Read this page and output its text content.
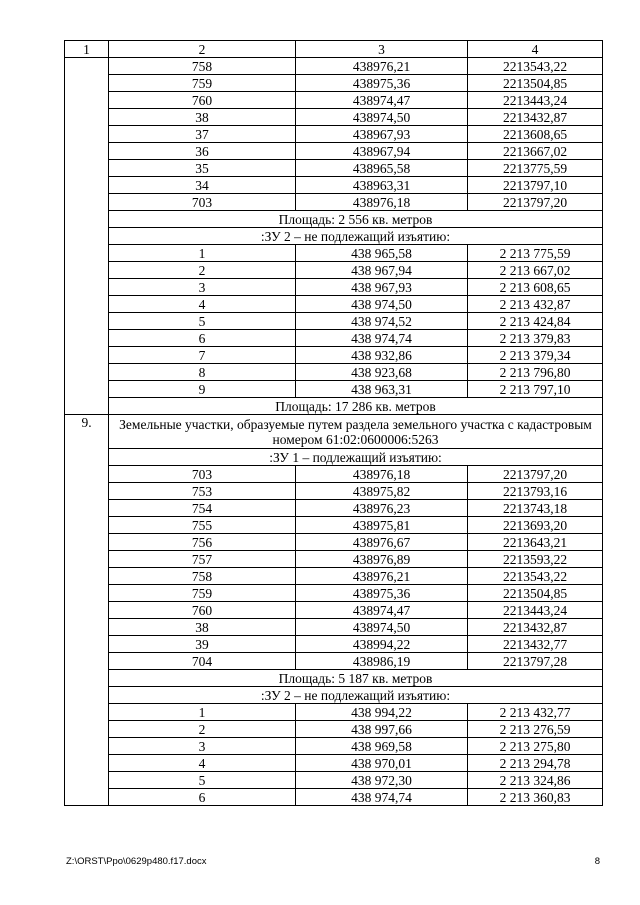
1	2	3	4
	758	438976,21	2213543,22
	759	438975,36	2213504,85
	760	438974,47	2213443,24
	38	438974,50	2213432,87
	37	438967,93	2213608,65
	36	438967,94	2213667,02
	35	438965,58	2213775,59
	34	438963,31	2213797,10
	703	438976,18	2213797,20
	Площадь: 2 556 кв. метров		
	:ЗУ 2 – не подлежащий изъятию:		
	1	438 965,58	2 213 775,59
	2	438 967,94	2 213 667,02
	3	438 967,93	2 213 608,65
	4	438 974,50	2 213 432,87
	5	438 974,52	2 213 424,84
	6	438 974,74	2 213 379,83
	7	438 932,86	2 213 379,34
	8	438 923,68	2 213 796,80
	9	438 963,31	2 213 797,10
	Площадь: 17 286 кв. метров		
9.	Земельные участки, образуемые путем раздела земельного участка с кадастровым номером 61:02:0600006:5263		
	:ЗУ 1 – подлежащий изъятию:		
	703	438976,18	2213797,20
	753	438975,82	2213793,16
	754	438976,23	2213743,18
	755	438975,81	2213693,20
	756	438976,67	2213643,21
	757	438976,89	2213593,22
	758	438976,21	2213543,22
	759	438975,36	2213504,85
	760	438974,47	2213443,24
	38	438974,50	2213432,87
	39	438994,22	2213432,77
	704	438986,19	2213797,28
	Площадь: 5 187 кв. метров		
	:ЗУ 2 – не подлежащий изъятию:		
	1	438 994,22	2 213 432,77
	2	438 997,66	2 213 276,59
	3	438 969,58	2 213 275,80
	4	438 970,01	2 213 294,78
	5	438 972,30	2 213 324,86
	6	438 974,74	2 213 360,83
Z:\ORST\Ppo\0629p480.f17.docx	8
